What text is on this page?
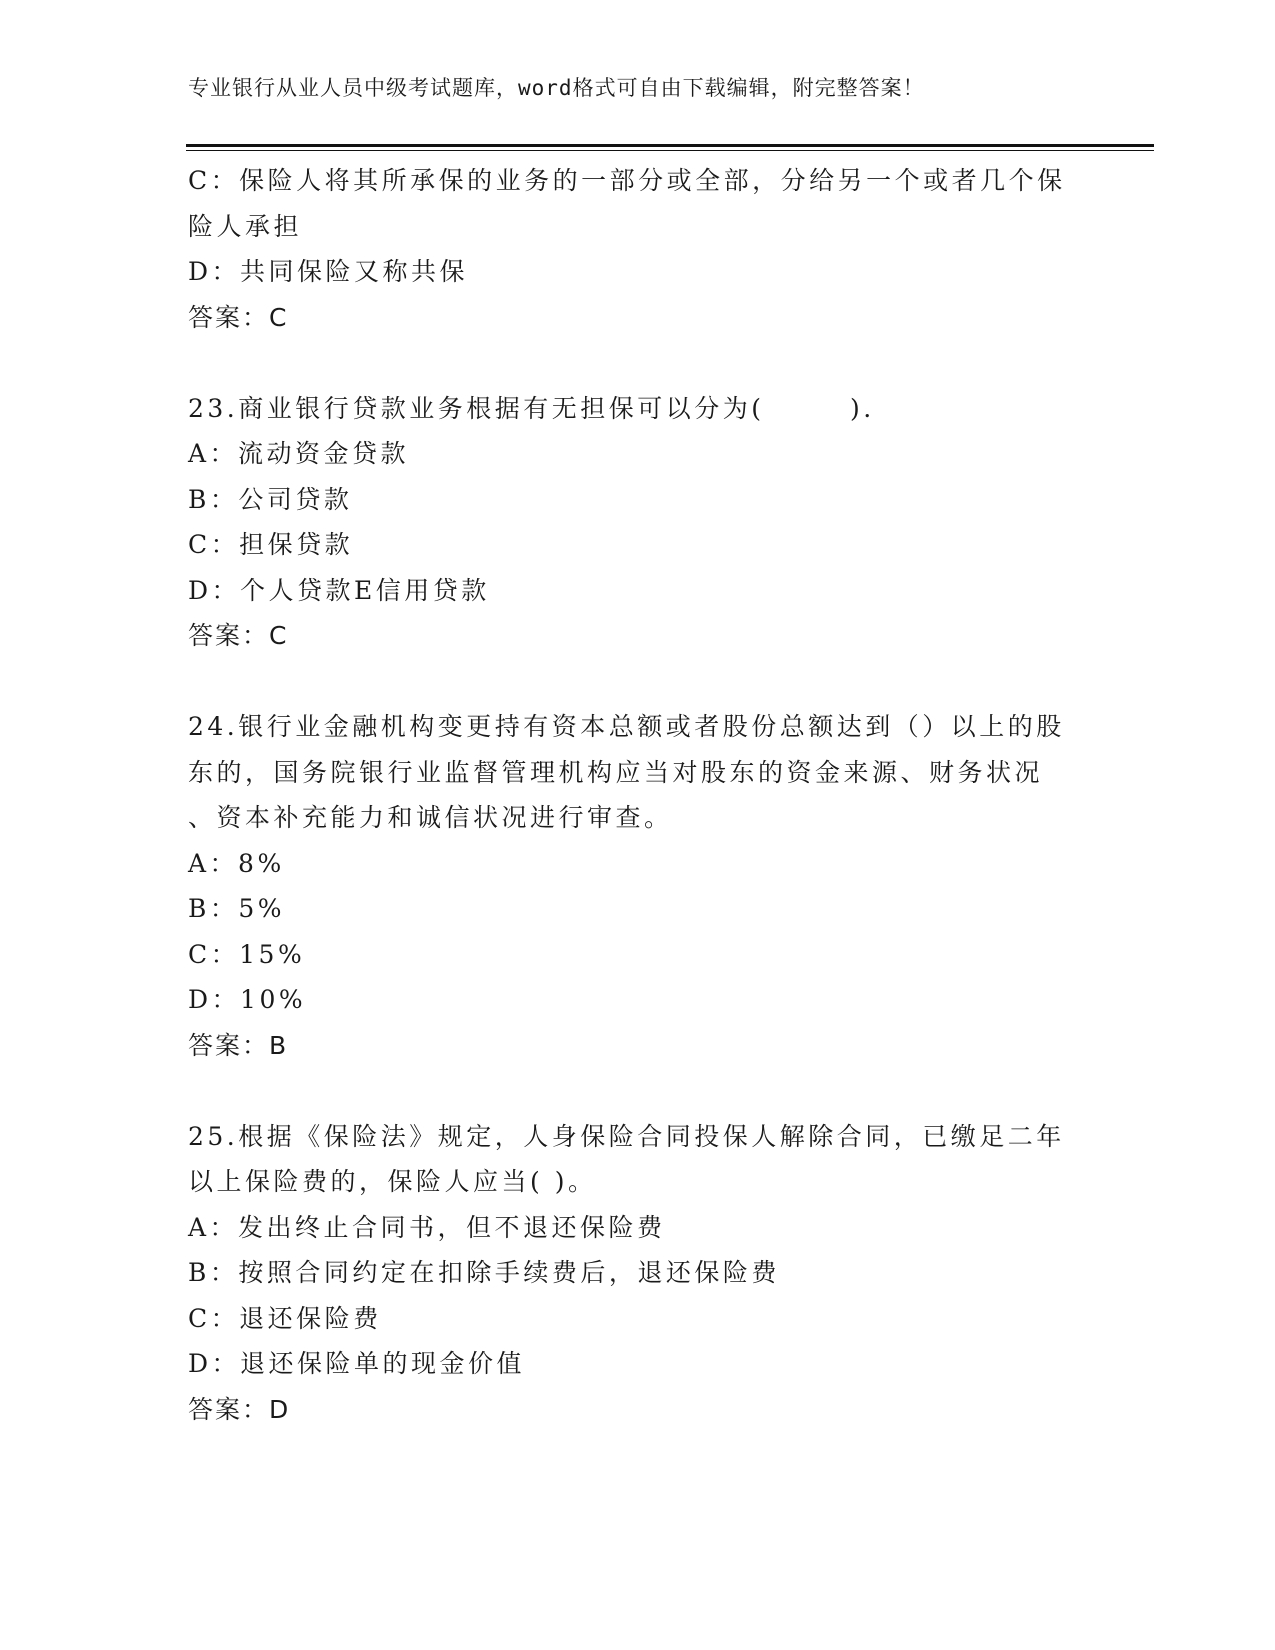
专业银行从业人员中级考试题库，word格式可自由下载编辑，附完整答案！
C：保险人将其所承保的业务的一部分或全部，分给另一个或者几个保
险人承担
D：共同保险又称共保
答案：C
23.商业银行贷款业务根据有无担保可以分为(　　　).
A：流动资金贷款
B：公司贷款
C：担保贷款
D：个人贷款E信用贷款
答案：C
24.银行业金融机构变更持有资本总额或者股份总额达到（）以上的股
东的，国务院银行业监督管理机构应当对股东的资金来源、财务状况
、资本补充能力和诚信状况进行审查。
A：8%
B：5%
C：15%
D：10%
答案：B
25.根据《保险法》规定，人身保险合同投保人解除合同，已缴足二年
以上保险费的，保险人应当( )。
A：发出终止合同书，但不退还保险费
B：按照合同约定在扣除手续费后，退还保险费
C：退还保险费
D：退还保险单的现金价值
答案：D
